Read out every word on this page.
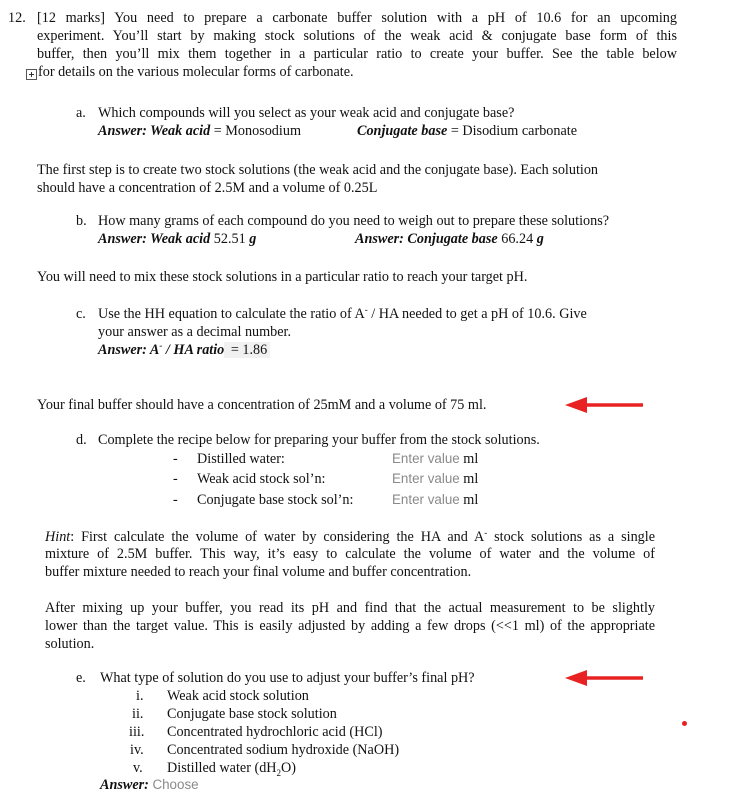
12. [12 marks] You need to prepare a carbonate buffer solution with a pH of 10.6 for an upcoming
experiment. You’ll start by making stock solutions of the weak acid & conjugate base form of this
buffer, then you’ll mix them together in a particular ratio to create your buffer. See the table below
for details on the various molecular forms of carbonate.
a. Which compounds will you select as your weak acid and conjugate base?
Answer: Weak acid = Monosodium	Conjugate base = Disodium carbonate
The first step is to create two stock solutions (the weak acid and the conjugate base). Each solution
should have a concentration of 2.5M and a volume of 0.25L
b. How many grams of each compound do you need to weigh out to prepare these solutions?
Answer: Weak acid 52.51 g	Answer: Conjugate base 66.24 g
You will need to mix these stock solutions in a particular ratio to reach your target pH.
c. Use the HH equation to calculate the ratio of A- / HA needed to get a pH of 10.6. Give
your answer as a decimal number.
Answer: A- / HA ratio = 1.86
Your final buffer should have a concentration of 25mM and a volume of 75 ml.
d. Complete the recipe below for preparing your buffer from the stock solutions.
- Distilled water:	Enter value ml
- Weak acid stock sol’n:	Enter value ml
- Conjugate base stock sol’n:	Enter value ml
Hint: First calculate the volume of water by considering the HA and A- stock solutions as a single
mixture of 2.5M buffer. This way, it’s easy to calculate the volume of water and the volume of
buffer mixture needed to reach your final volume and buffer concentration.
After mixing up your buffer, you read its pH and find that the actual measurement to be slightly
lower than the target value. This is easily adjusted by adding a few drops (<<1 ml) of the appropriate
solution.
e. What type of solution do you use to adjust your buffer’s final pH?
i. Weak acid stock solution
ii. Conjugate base stock solution
iii. Concentrated hydrochloric acid (HCl)
iv. Concentrated sodium hydroxide (NaOH)
v. Distilled water $(dH_2O)$
Answer: Choose
